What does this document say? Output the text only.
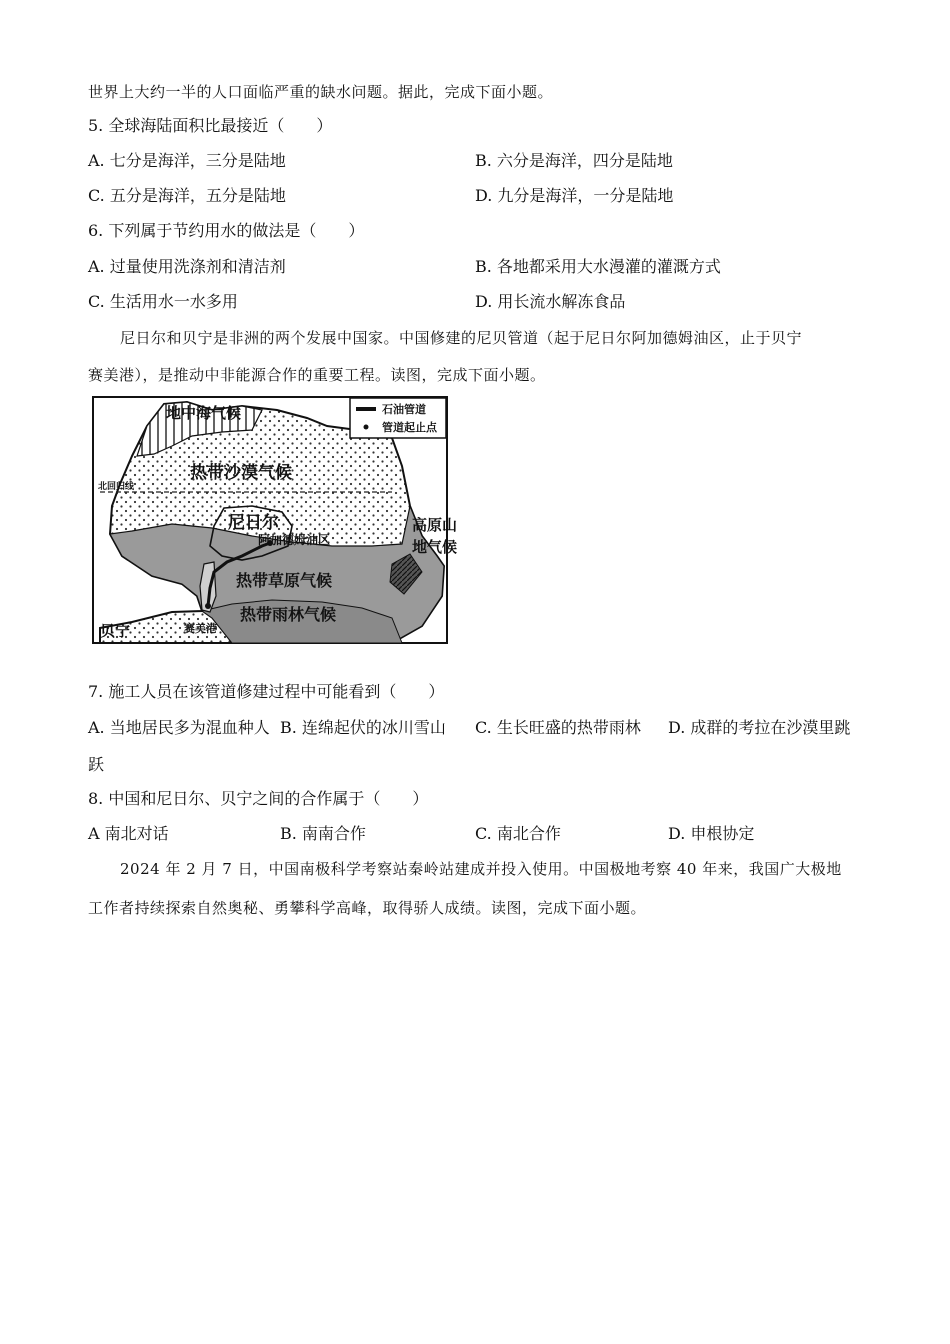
世界上大约一半的人口面临严重的缺水问题。据此，完成下面小题。
5. 全球海陆面积比最接近（　　）
A. 七分是海洋，三分是陆地	B. 六分是海洋，四分是陆地
C. 五分是海洋，五分是陆地	D. 九分是海洋，一分是陆地
6. 下列属于节约用水的做法是（　　）
A. 过量使用洗涤剂和清洁剂	B. 各地都采用大水漫灌的灌溉方式
C. 生活用水一水多用	D. 用长流水解冻食品
尼日尔和贝宁是非洲的两个发展中国家。中国修建的尼贝管道（起于尼日尔阿加德姆油区，止于贝宁
赛美港），是推动中非能源合作的重要工程。读图，完成下面小题。
石油管道
管道起止点
地中海气候
热带沙漠气候
北回归线
尼日尔
阿加德姆油区
高原山
地气候
热带草原气候
热带雨林气候
贝宁	赛美港
7. 施工人员在该管道修建过程中可能看到（　　）
A. 当地居民多为混血种人 B. 连绵起伏的冰川雪山 C. 生长旺盛的热带雨林 D. 成群的考拉在沙漠里跳
跃
8. 中国和尼日尔、贝宁之间的合作属于（　　）
A 南北对话	B. 南南合作	C. 南北合作	D. 申根协定
2024 年 2 月 7 日，中国南极科学考察站秦岭站建成并投入使用。中国极地考察 40 年来，我国广大极地
工作者持续探索自然奥秘、勇攀科学高峰，取得骄人成绩。读图，完成下面小题。
